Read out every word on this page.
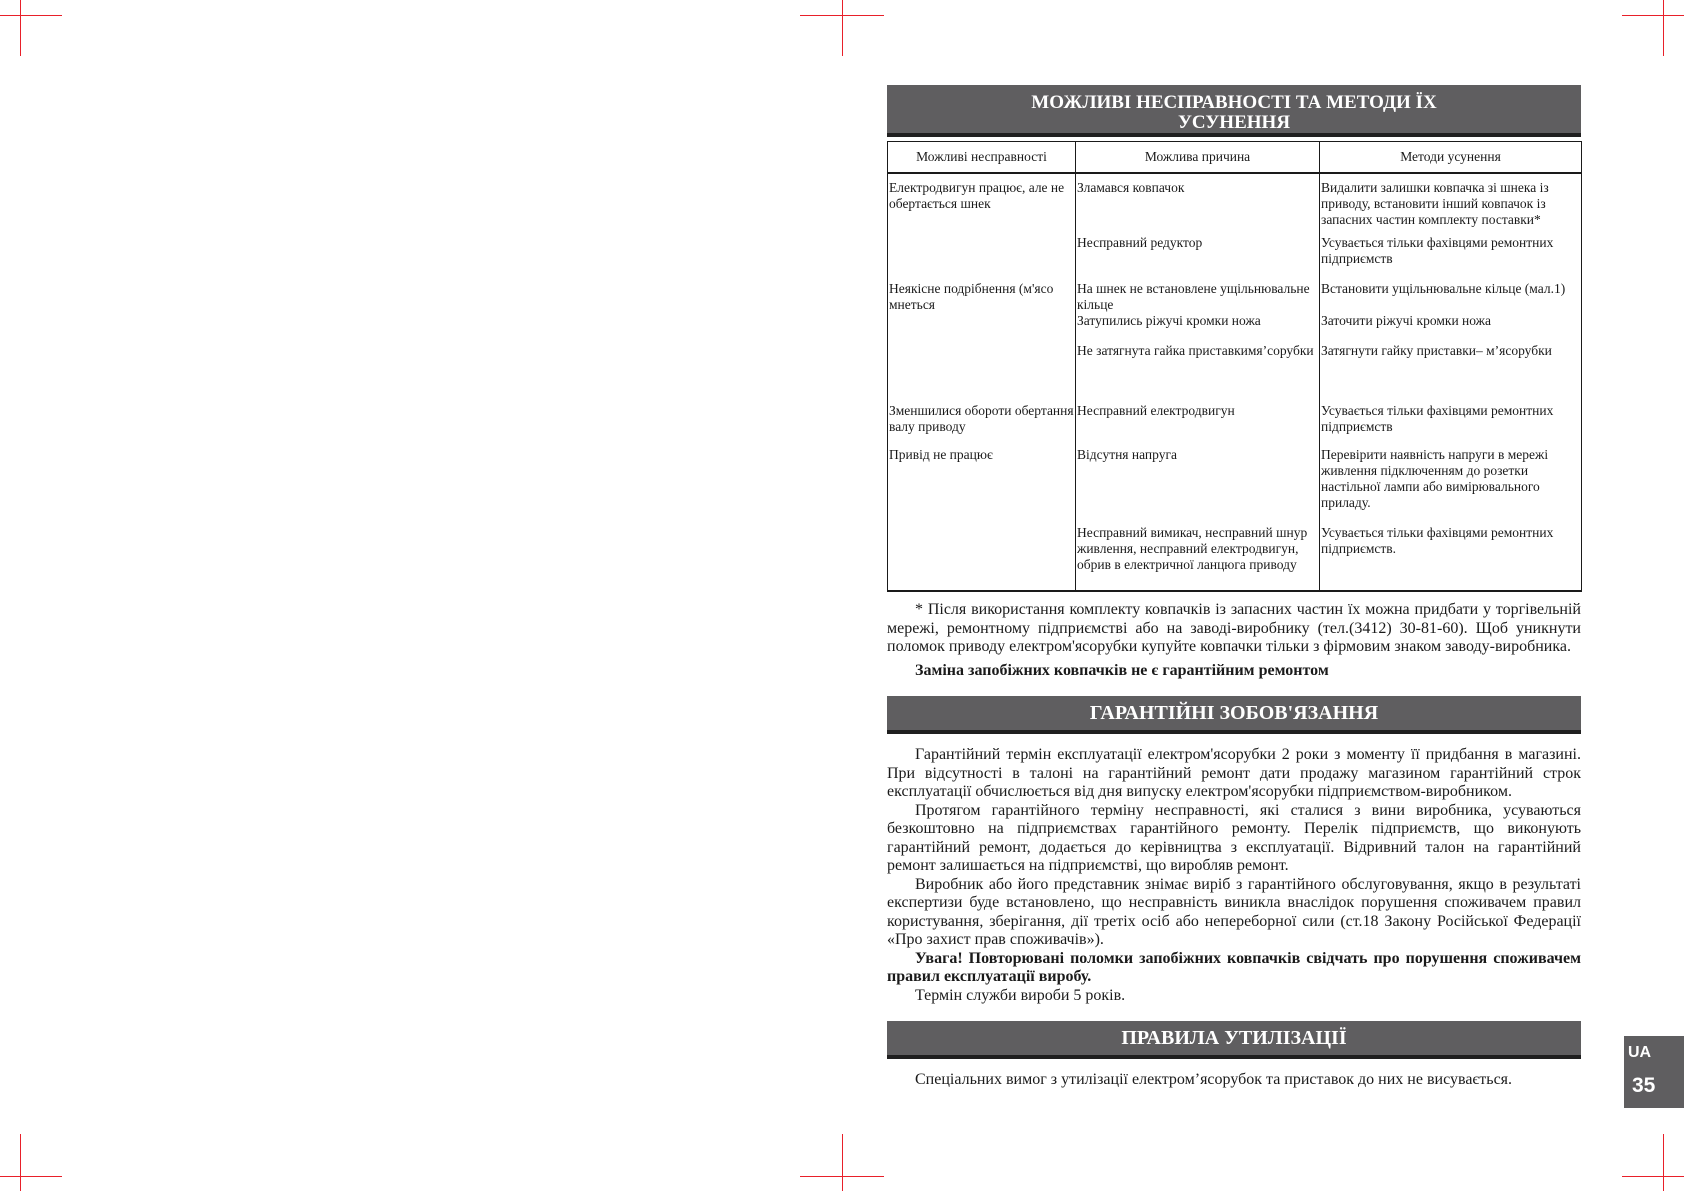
МОЖЛИВІ НЕСПРАВНОСТІ ТА МЕТОДИ ЇХ
УСУНЕННЯ
Можливі несправності	Можлива причина	Методи усунення
Електродвигун працює, але не обертається шнек	Зламався ковпачок	Видалити залишки ковпачка зі шнека із приводу, встановити інший ковпачок із запасних частин комплекту поставки*
	Несправний редуктор	Усувається тільки фахівцями ремонтних підприємств
Неякісне подрібнення (м'ясо мнеться	На шнек не встановлене ущільнювальне кільце	Встановити ущільнювальне кільце (мал.1)
	Затупились ріжучі кромки ножа	Заточити ріжучі кромки ножа
	Не затягнута гайка приставкимя’сорубки	Затягнути гайку приставки– м’ясорубки
Зменшилися обороти обертання валу приводу	Несправний електродвигун	Усувається тільки фахівцями ремонтних підприємств
Привід не працює	Відсутня напруга	Перевірити наявність напруги в мережі живлення підключенням до розетки настільної лампи або вимірювального приладу.
	Несправний вимикач, несправний шнур живлення, несправний електродвигун, обрив в електричної ланцюга приводу	Усувається тільки фахівцями ремонтних підприємств.

* Після використання комплекту ковпачків із запасних частин їх можна придбати у торгівельній мережі, ремонтному підприємстві або на заводі-виробнику (тел.(3412) 30-81-60). Щоб уникнути поломок приводу електром'ясорубки купуйте ковпачки тільки з фірмовим знаком заводу-виробника.

Заміна запобіжних ковпачків не є гарантійним ремонтом

ГАРАНТІЙНІ ЗОБОВ'ЯЗАННЯ

Гарантійний термін експлуатації електром'ясорубки 2 роки з моменту її придбання в магазині. При відсутності в талоні на гарантійний ремонт дати продажу магазином гарантійний строк експлуатації обчислюється від дня випуску електром'ясорубки підприємством-виробником.

Протягом гарантійного терміну несправності, які сталися з вини виробника, усуваються безкоштовно на підприємствах гарантійного ремонту. Перелік підприємств, що виконують гарантійний ремонт, додається до керівництва з експлуатації. Відривний талон на гарантійний ремонт залишається на підприємстві, що виробляв ремонт.

Виробник або його представник знімає виріб з гарантійного обслуговування, якщо в результаті експертизи буде встановлено, що несправність виникла внаслідок порушення споживачем правил користування, зберігання, дії третіх осіб або непереборної сили (ст.18 Закону Російської Федерації «Про захист прав споживачів»).

Увага! Повторювані поломки запобіжних ковпачків свідчать про порушення споживачем правил експлуатації виробу.

Термін служби вироби 5 років.

ПРАВИЛА УТИЛІЗАЦІЇ

Спеціальних вимог з утилізації електром’ясорубок та приставок до них не висувається.

UA
35
